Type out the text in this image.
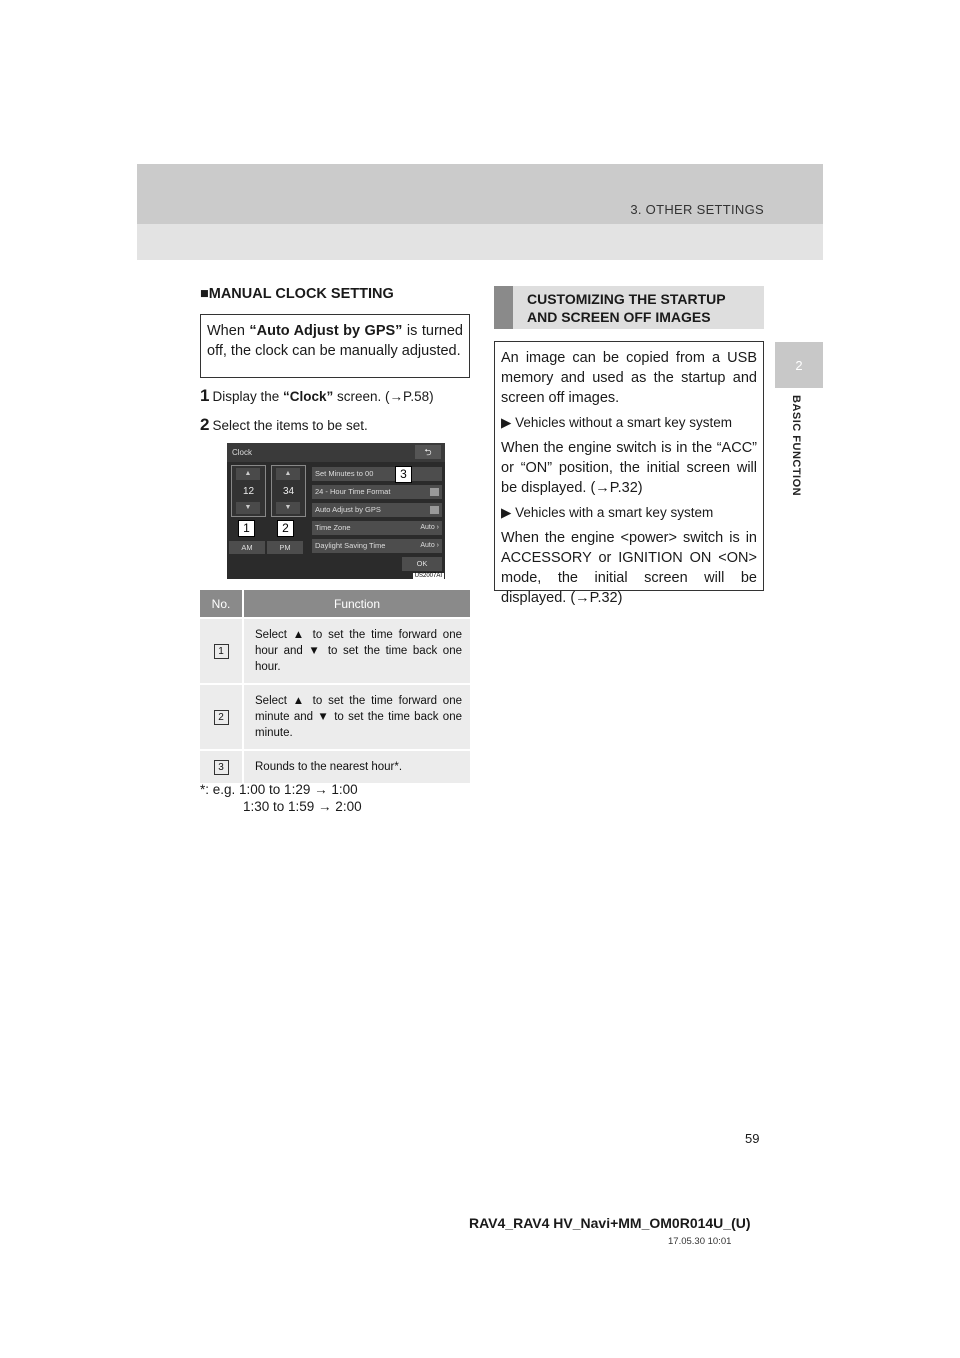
3. OTHER SETTINGS
2
BASIC FUNCTION
■MANUAL CLOCK SETTING
When “Auto Adjust by GPS” is turned off, the clock can be manually adjusted.
1 Display the “Clock” screen. (→P.58)
2 Select the items to be set.
Clock	⮌
▲
12
▼
▲
34
▼
Set Minutes to 00
24 - Hour Time Format
Auto Adjust by GPS
Time Zone	Auto ›
Daylight Saving Time	Auto ›
AM	PM
OK
1	2
3
US2007AI
No.	Function
1	Select ▲ to set the time forward one hour and ▼ to set the time back one hour.
2	Select ▲ to set the time forward one minute and ▼ to set the time back one minute.
3	Rounds to the nearest hour*.
*: e.g. 1:00 to 1:29 → 1:00
1:30 to 1:59 → 2:00
CUSTOMIZING THE STARTUP
AND SCREEN OFF IMAGES

An image can be copied from a USB memory and used as the startup and screen off images.

▶ Vehicles without a smart key system

When the engine switch is in the “ACC” or “ON” position, the initial screen will be displayed. (→P.32)

▶ Vehicles with a smart key system

When the engine <power> switch is in ACCESSORY or IGNITION ON <ON> mode, the initial screen will be displayed. (→P.32)

59
RAV4_RAV4 HV_Navi+MM_OM0R014U_(U)
17.05.30 10:01
